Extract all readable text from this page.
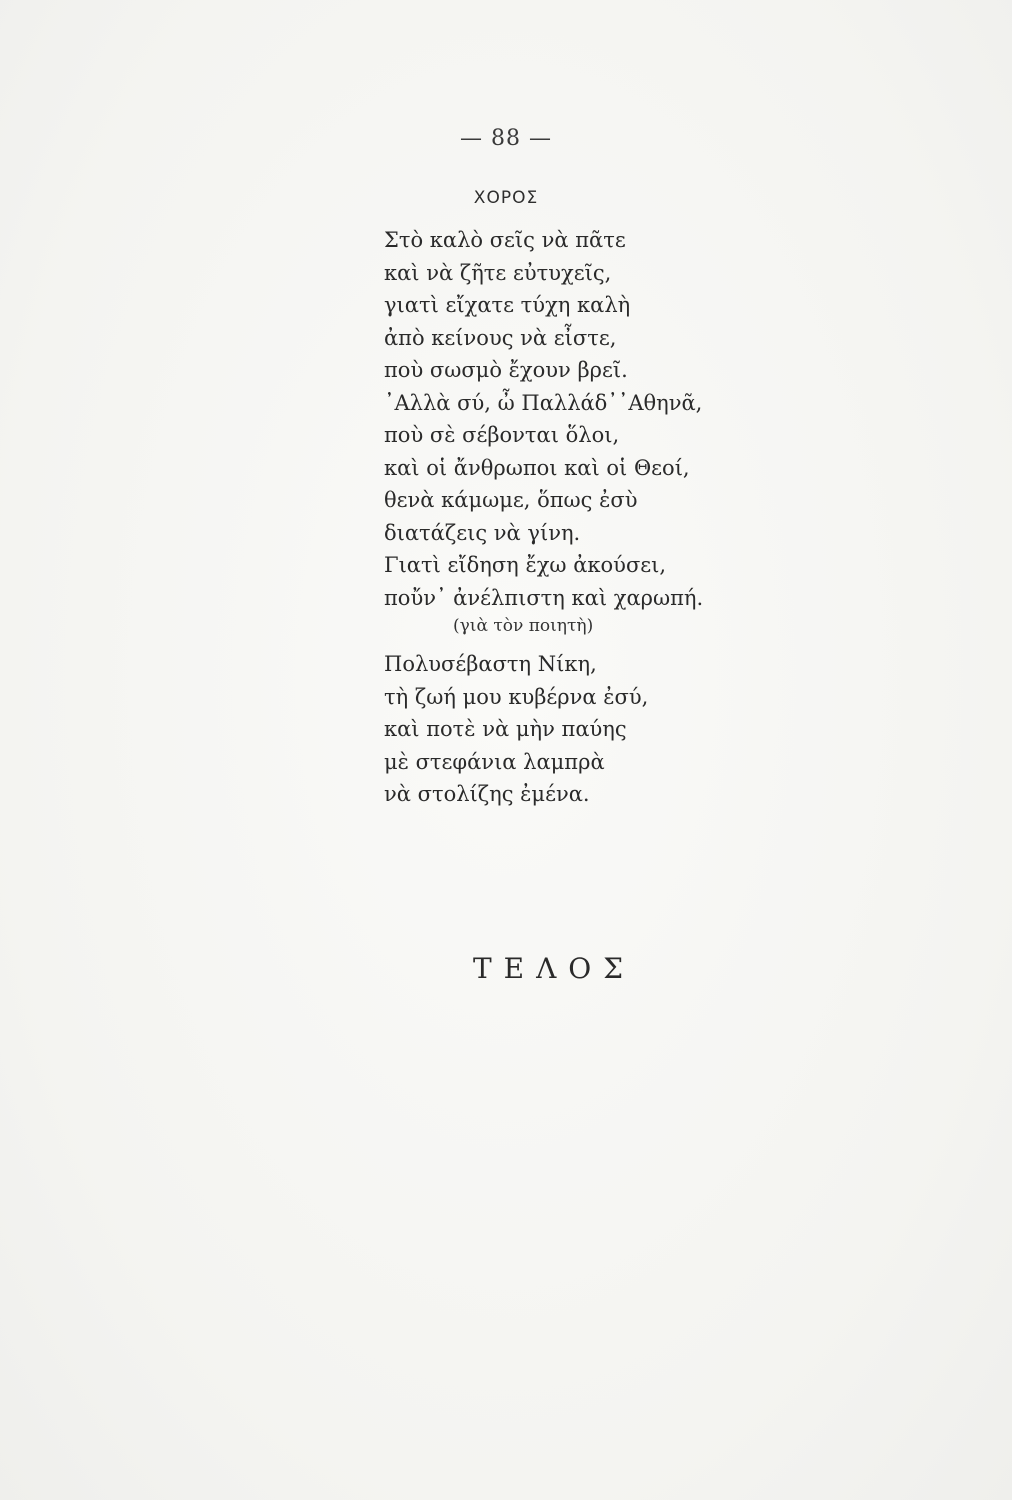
— 88 —
ΧΟΡΟΣ
Στὸ καλὸ σεῖς νὰ πᾶτε
καὶ νὰ ζῆτε εὐτυχεῖς,
γιατὶ εἴχατε τύχη καλὴ
ἀπὸ κείνους νὰ εἶστε,
ποὺ σωσμὸ ἔχουν βρεῖ.
᾿Αλλὰ σύ, ὦ Παλλάδ᾿᾿Αθηνᾶ,
ποὺ σὲ σέβονται ὅλοι,
καὶ οἱ ἄνθρωποι καὶ οἱ Θεοί,
θενὰ κάμωμε, ὅπως ἐσὺ
διατάζεις νὰ γίνη.
Γιατὶ εἴδηση ἔχω ἀκούσει,
ποὔν᾿ ἀνέλπιστη καὶ χαρωπή.
(γιὰ τὸν ποιητὴ)
Πολυσέβαστη Νίκη,
τὴ ζωή μου κυβέρνα ἐσύ,
καὶ ποτὲ νὰ μὴν παύης
μὲ στεφάνια λαμπρὰ
νὰ στολίζης ἐμένα.
ΤΕΛΟΣ
